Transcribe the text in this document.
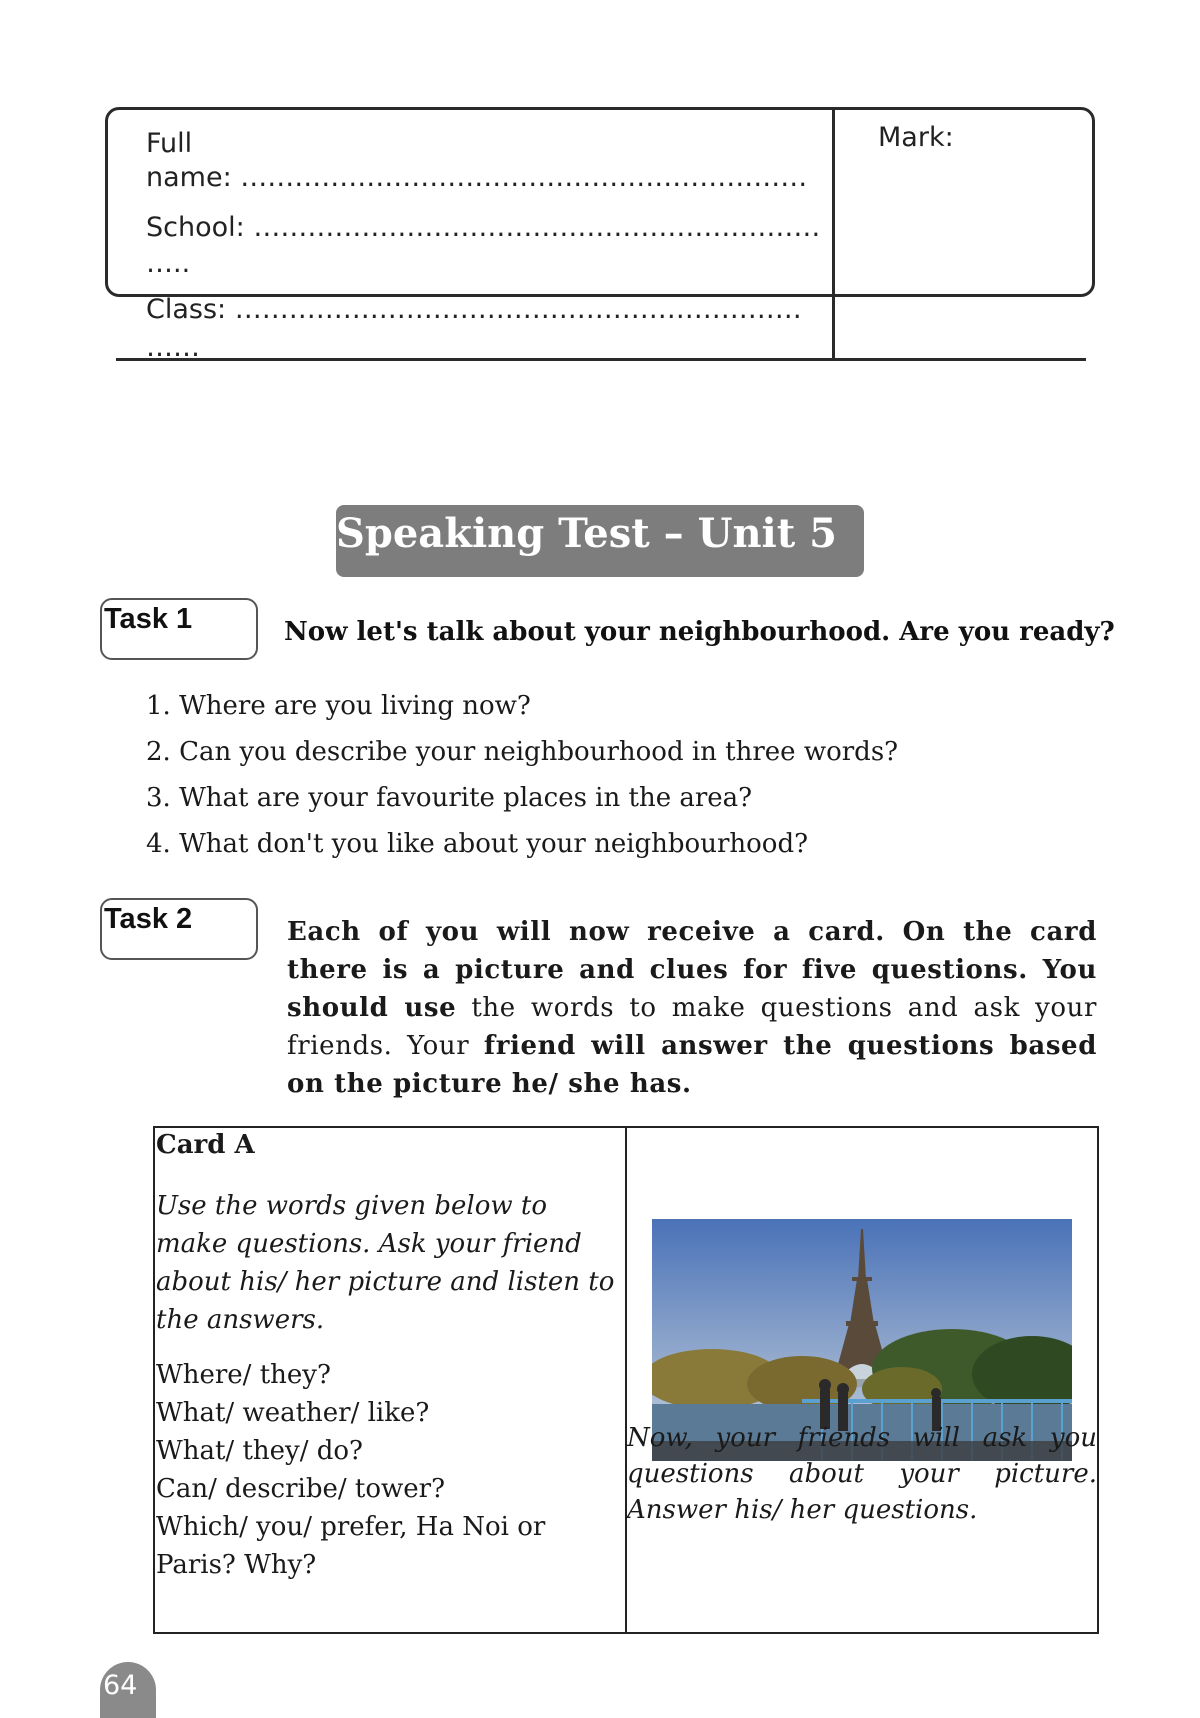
Full
name: ………………………………………………………
School: ………………………………………………………
…..
Class: ………………………………………………………
……
Mark:
Speaking Test – Unit 5
Task 1	Now let's talk about your neighbourhood. Are you ready?
1. Where are you living now?
2. Can you describe your neighbourhood in three words?
3. What are your favourite places in the area?
4. What don't you like about your neighbourhood?
Task 2	Each of you will now receive a card. On the card there is a picture and clues for five questions. You should use the words to make questions and ask your friends. Your friend will answer the questions based on the picture he/ she has.
Card A
Use the words given below to make questions. Ask your friend about his/ her picture and listen to the answers.
Where/ they?
What/ weather/ like?
What/ they/ do?
Can/ describe/ tower?
Which/ you/ prefer, Ha Noi or
Paris? Why?
Now, your friends will ask you questions about your picture. Answer his/ her questions.
64
